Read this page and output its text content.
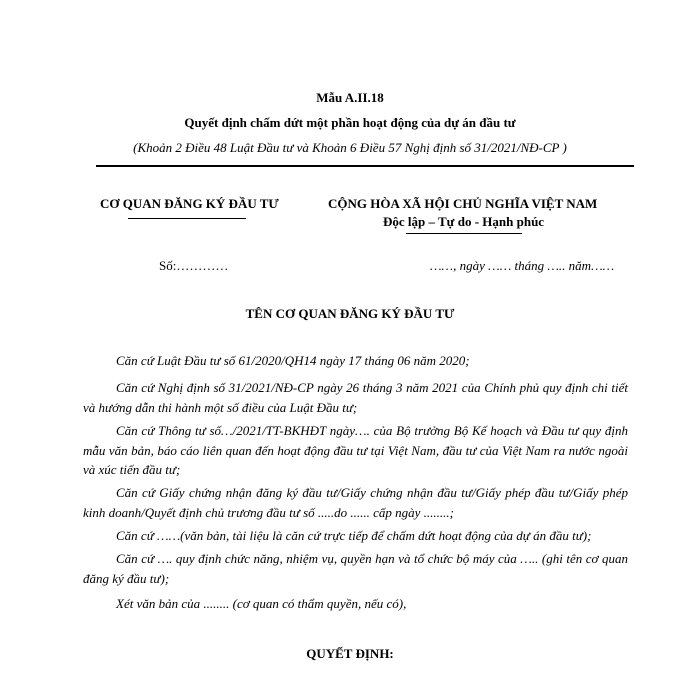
Mẫu A.II.18
Quyết định chấm dứt một phần hoạt động của dự án đầu tư
(Khoản 2 Điều 48 Luật Đầu tư và Khoản 6 Điều 57 Nghị định số 31/2021/NĐ-CP )
CƠ QUAN ĐĂNG KÝ ĐẦU TƯ
Số:…………
CỘNG HÒA XÃ HỘI CHỦ NGHĨA VIỆT NAM
Độc lập – Tự do - Hạnh phúc
……, ngày …… tháng ….. năm……
TÊN CƠ QUAN ĐĂNG KÝ ĐẦU TƯ
Căn cứ Luật Đầu tư số 61/2020/QH14 ngày 17 tháng 06 năm 2020;
Căn cứ Nghị định số 31/2021/NĐ-CP ngày 26 tháng 3 năm 2021 của Chính phủ quy định chi tiết và hướng dẫn thi hành một số điều của Luật Đầu tư;
Căn cứ Thông tư số…/2021/TT-BKHĐT ngày…. của Bộ trưởng Bộ Kế hoạch và Đầu tư quy định mẫu văn bản, báo cáo liên quan đến hoạt động đầu tư tại Việt Nam, đầu tư của Việt Nam ra nước ngoài và xúc tiến đầu tư;
Căn cứ Giấy chứng nhận đăng ký đầu tư/Giấy chứng nhận đầu tư/Giấy phép đầu tư/Giấy phép kinh doanh/Quyết định chủ trương đầu tư số .....do ...... cấp ngày ........;
Căn cứ ……(văn bản, tài liệu là căn cứ trực tiếp để chấm dứt hoạt động của dự án đầu tư);
Căn cứ …. quy định chức năng, nhiệm vụ, quyền hạn và tổ chức bộ máy của ….. (ghi tên cơ quan đăng ký đầu tư);
Xét văn bản của ........ (cơ quan có thẩm quyền, nếu có),
QUYẾT ĐỊNH:
